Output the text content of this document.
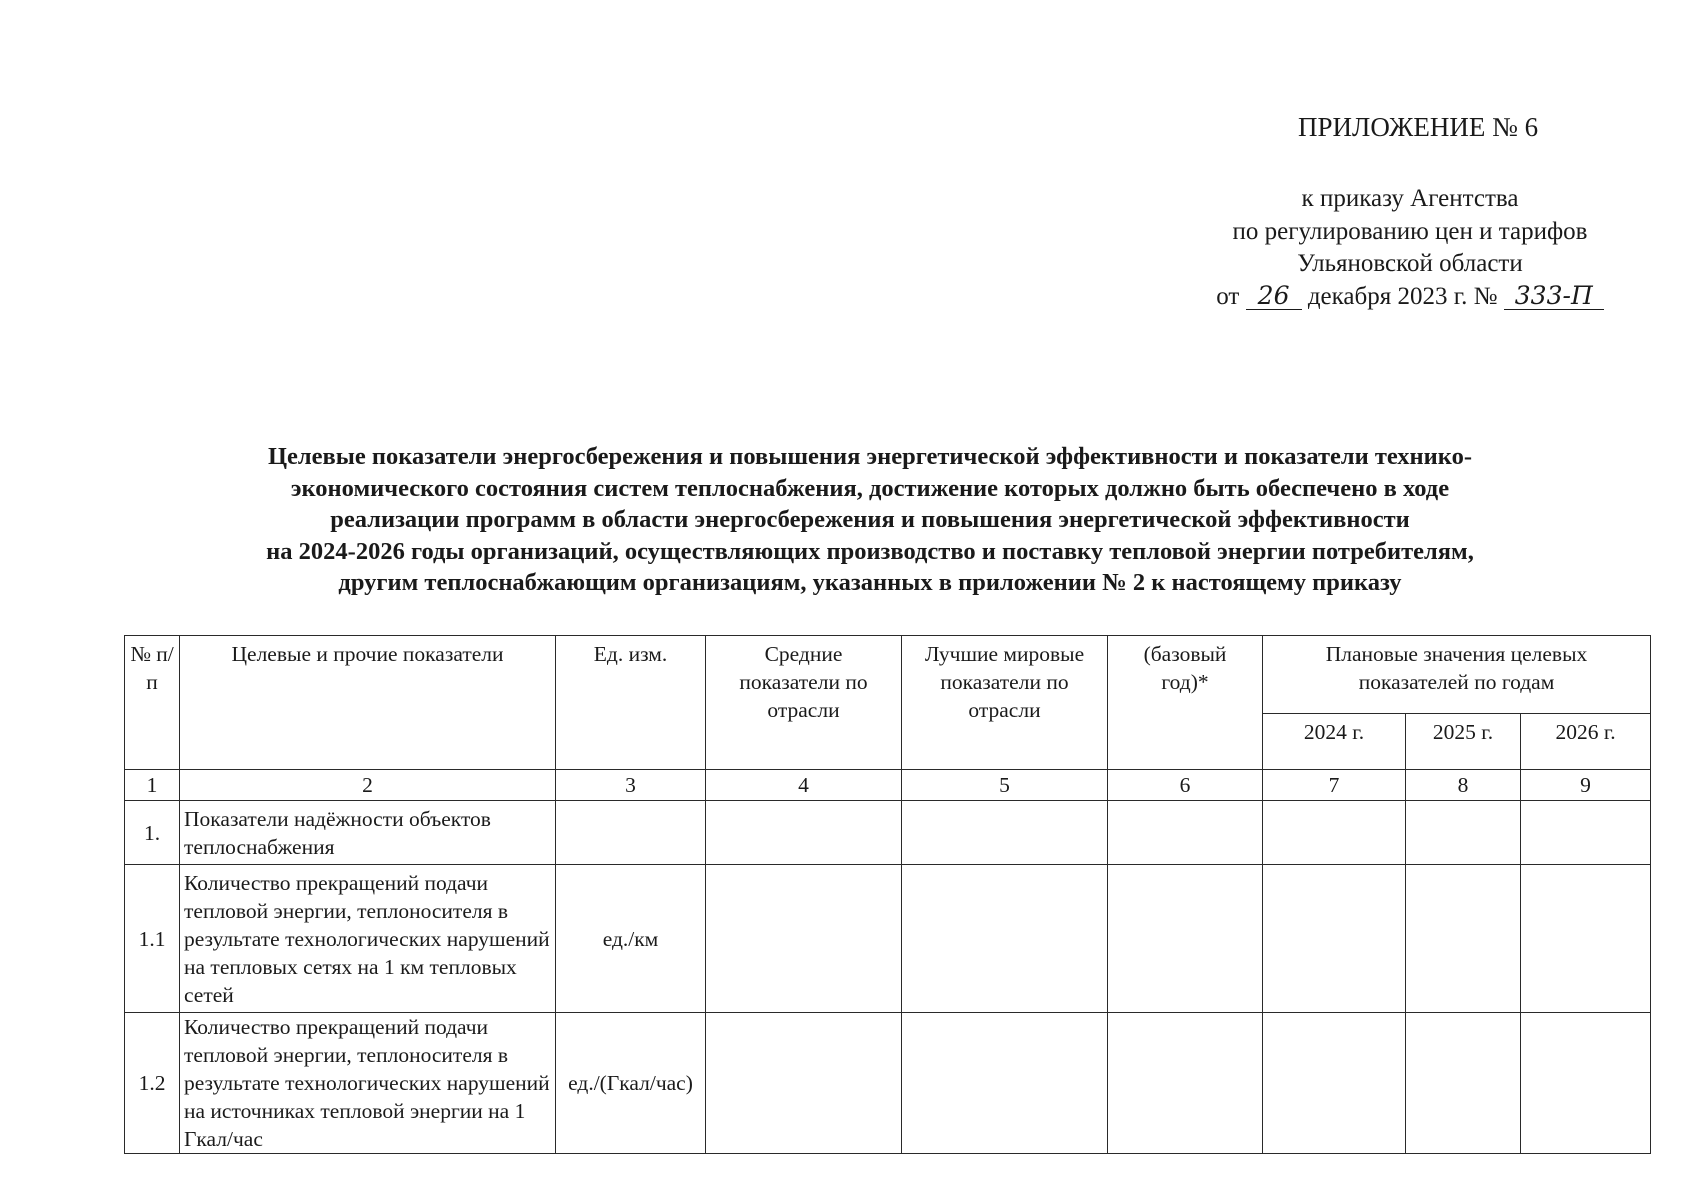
ПРИЛОЖЕНИЕ № 6
к приказу Агентства
по регулированию цен и тарифов
Ульяновской области
от 26 декабря 2023 г. № 333-П
Целевые показатели энергосбережения и повышения энергетической эффективности и показатели технико-
экономического состояния систем теплоснабжения, достижение которых должно быть обеспечено в ходе
реализации программ в области энергосбережения и повышения энергетической эффективности
на 2024-2026 годы организаций, осуществляющих производство и поставку тепловой энергии потребителям,
другим теплоснабжающим организациям, указанных в приложении № 2 к настоящему приказу
№ п/п	Целевые и прочие показатели	Ед. изм.	Средние показатели по отрасли	Лучшие мировые показатели по отрасли	(базовый год)*	Плановые значения целевых показателей по годам		
						2024 г.	2025 г.	2026 г.
1	2	3	4	5	6	7	8	9
1.	Показатели надёжности объектов теплоснабжения							
1.1	Количество прекращений подачи тепловой энергии, теплоносителя в результате технологических нарушений на тепловых сетях на 1 км тепловых сетей	ед./км						
1.2	Количество прекращений подачи тепловой энергии, теплоносителя в результате технологических нарушений на источниках тепловой энергии на 1 Гкал/час	ед./(Гкал/час)						
